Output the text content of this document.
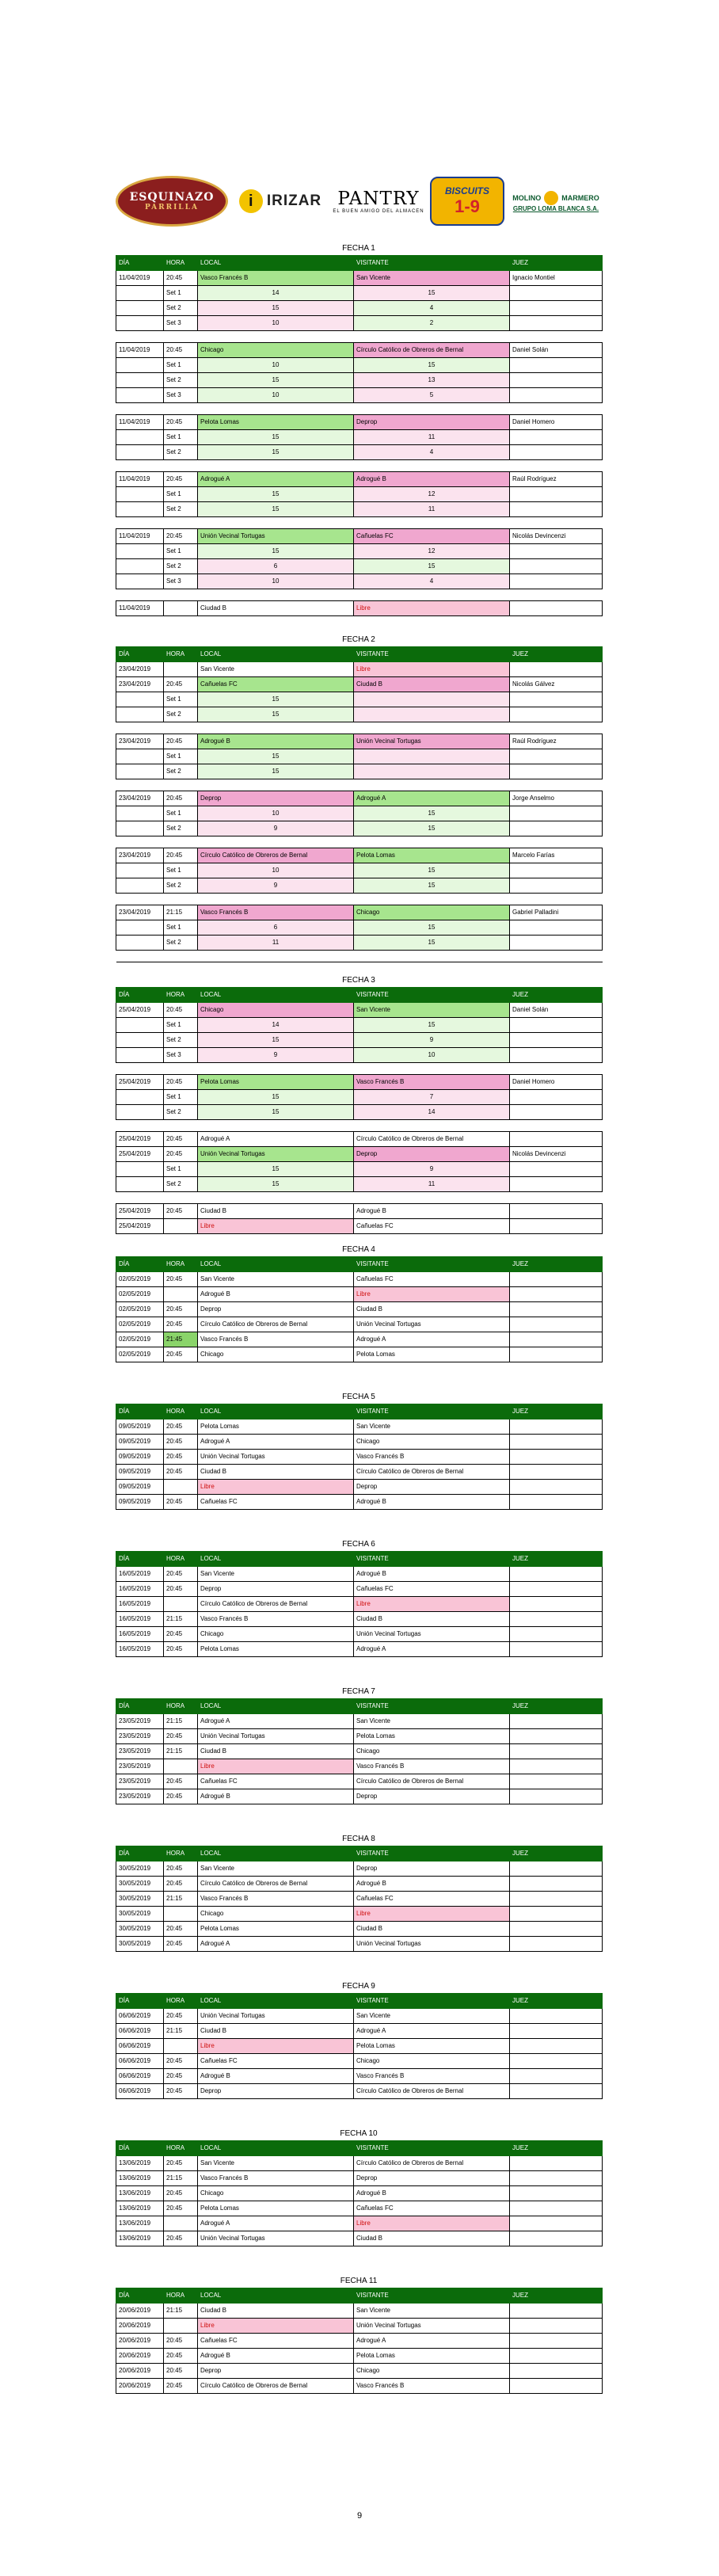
ESQUINAZO
PARRILLA	i IRIZAR PANTRY
EL BUEN AMIGO DEL ALMACEN
BISCUITS
1-9	MOLINO	MARMERO
GRUPO LOMA BLANCA S.A.
FECHA 1
DÍA	HORA	LOCAL	VISITANTE	JUEZ
11/04/2019	20:45	Vasco Francés B	San Vicente	Ignacio Montiel
	Set 1	14	15	
	Set 2	15	4	
	Set 3	10	2	

11/04/2019	20:45	Chicago	Círculo Católico de Obreros de Bernal	Daniel Solán
	Set 1	10	15	
	Set 2	15	13	
	Set 3	10	5	

11/04/2019	20:45	Pelota Lomas	Deprop	Daniel Homero
	Set 1	15	11	
	Set 2	15	4	

11/04/2019	20:45	Adrogué A	Adrogué B	Raúl Rodríguez
	Set 1	15	12	
	Set 2	15	11	

11/04/2019	20:45	Unión Vecinal Tortugas	Cañuelas FC	Nicolás Devincenzi
	Set 1	15	12	
	Set 2	6	15	
	Set 3	10	4	

11/04/2019		Ciudad B	Libre	
FECHA 2
DÍA	HORA	LOCAL	VISITANTE	JUEZ
23/04/2019		San Vicente	Libre	
23/04/2019	20:45	Cañuelas FC	Ciudad B	Nicolás Gálvez
	Set 1	15		
	Set 2	15		

23/04/2019	20:45	Adrogué B	Unión Vecinal Tortugas	Raúl Rodríguez
	Set 1	15		
	Set 2	15		

23/04/2019	20:45	Deprop	Adrogué A	Jorge Anselmo
	Set 1	10	15	
	Set 2	9	15	

23/04/2019	20:45	Círculo Católico de Obreros de Bernal	Pelota Lomas	Marcelo Farías
	Set 1	10	15	
	Set 2	9	15	

23/04/2019	21:15	Vasco Francés B	Chicago	Gabriel Palladini
	Set 1	6	15	
	Set 2	11	15	

FECHA 3
DÍA	HORA	LOCAL	VISITANTE	JUEZ
25/04/2019	20:45	Chicago	San Vicente	Daniel Solán
	Set 1	14	15	
	Set 2	15	9	
	Set 3	9	10	

25/04/2019	20:45	Pelota Lomas	Vasco Francés B	Daniel Homero
	Set 1	15	7	
	Set 2	15	14	

25/04/2019	20:45	Adrogué A	Círculo Católico de Obreros de Bernal	
25/04/2019	20:45	Unión Vecinal Tortugas	Deprop	Nicolás Devincenzi
	Set 1	15	9	
	Set 2	15	11	

25/04/2019	20:45	Ciudad B	Adrogué B	
25/04/2019		Libre	Cañuelas FC	
FECHA 4
DÍA	HORA	LOCAL	VISITANTE	JUEZ
02/05/2019	20:45	San Vicente	Cañuelas FC	
02/05/2019		Adrogué B	Libre	
02/05/2019	20:45	Deprop	Ciudad B	
02/05/2019	20:45	Círculo Católico de Obreros de Bernal	Unión Vecinal Tortugas	
02/05/2019	21:45	Vasco Francés B	Adrogué A	
02/05/2019	20:45	Chicago	Pelota Lomas	
FECHA 5
DÍA	HORA	LOCAL	VISITANTE	JUEZ
09/05/2019	20:45	Pelota Lomas	San Vicente	
09/05/2019	20:45	Adrogué A	Chicago	
09/05/2019	20:45	Unión Vecinal Tortugas	Vasco Francés B	
09/05/2019	20:45	Ciudad B	Círculo Católico de Obreros de Bernal	
09/05/2019		Libre	Deprop	
09/05/2019	20:45	Cañuelas FC	Adrogué B	
FECHA 6
DÍA	HORA	LOCAL	VISITANTE	JUEZ
16/05/2019	20:45	San Vicente	Adrogué B	
16/05/2019	20:45	Deprop	Cañuelas FC	
16/05/2019		Círculo Católico de Obreros de Bernal	Libre	
16/05/2019	21:15	Vasco Francés B	Ciudad B	
16/05/2019	20:45	Chicago	Unión Vecinal Tortugas	
16/05/2019	20:45	Pelota Lomas	Adrogué A	
FECHA 7
DÍA	HORA	LOCAL	VISITANTE	JUEZ
23/05/2019	21:15	Adrogué A	San Vicente	
23/05/2019	20:45	Unión Vecinal Tortugas	Pelota Lomas	
23/05/2019	21:15	Ciudad B	Chicago	
23/05/2019		Libre	Vasco Francés B	
23/05/2019	20:45	Cañuelas FC	Círculo Católico de Obreros de Bernal	
23/05/2019	20:45	Adrogué B	Deprop	
FECHA 8
DÍA	HORA	LOCAL	VISITANTE	JUEZ
30/05/2019	20:45	San Vicente	Deprop	
30/05/2019	20:45	Círculo Católico de Obreros de Bernal	Adrogué B	
30/05/2019	21:15	Vasco Francés B	Cañuelas FC	
30/05/2019		Chicago	Libre	
30/05/2019	20:45	Pelota Lomas	Ciudad B	
30/05/2019	20:45	Adrogué A	Unión Vecinal Tortugas	
FECHA 9
DÍA	HORA	LOCAL	VISITANTE	JUEZ
06/06/2019	20:45	Unión Vecinal Tortugas	San Vicente	
06/06/2019	21:15	Ciudad B	Adrogué A	
06/06/2019		Libre	Pelota Lomas	
06/06/2019	20:45	Cañuelas FC	Chicago	
06/06/2019	20:45	Adrogué B	Vasco Francés B	
06/06/2019	20:45	Deprop	Círculo Católico de Obreros de Bernal	
FECHA 10
DÍA	HORA	LOCAL	VISITANTE	JUEZ
13/06/2019	20:45	San Vicente	Círculo Católico de Obreros de Bernal	
13/06/2019	21:15	Vasco Francés B	Deprop	
13/06/2019	20:45	Chicago	Adrogué B	
13/06/2019	20:45	Pelota Lomas	Cañuelas FC	
13/06/2019		Adrogué A	Libre	
13/06/2019	20:45	Unión Vecinal Tortugas	Ciudad B	
FECHA 11
DÍA	HORA	LOCAL	VISITANTE	JUEZ
20/06/2019	21:15	Ciudad B	San Vicente	
20/06/2019		Libre	Unión Vecinal Tortugas	
20/06/2019	20:45	Cañuelas FC	Adrogué A	
20/06/2019	20:45	Adrogué B	Pelota Lomas	
20/06/2019	20:45	Deprop	Chicago	
20/06/2019	20:45	Círculo Católico de Obreros de Bernal	Vasco Francés B	
9
